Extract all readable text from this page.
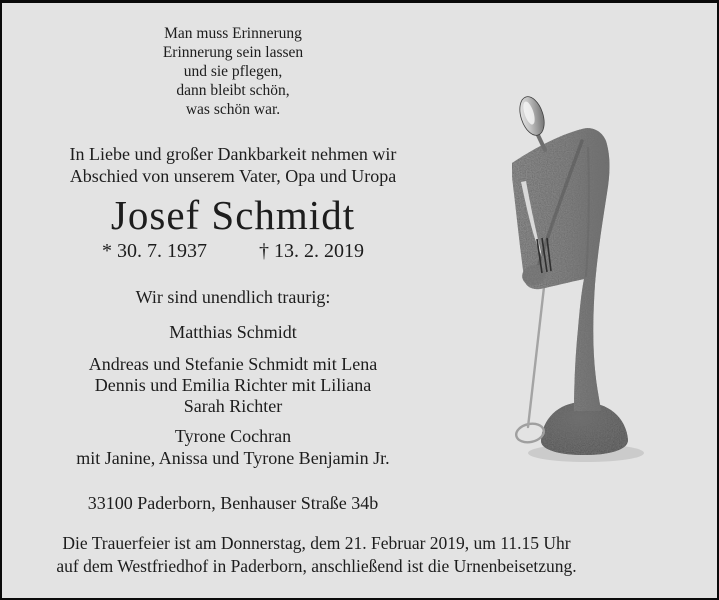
Man muss Erinnerung
Erinnerung sein lassen
und sie pflegen,
dann bleibt schön,
was schön war.
In Liebe und großer Dankbarkeit nehmen wir
Abschied von unserem Vater, Opa und Uropa
Josef Schmidt
* 30. 7. 1937	† 13. 2. 2019
Wir sind unendlich traurig:
Matthias Schmidt
Andreas und Stefanie Schmidt mit Lena
Dennis und Emilia Richter mit Liliana
Sarah Richter
Tyrone Cochran
mit Janine, Anissa und Tyrone Benjamin Jr.
33100 Paderborn, Benhauser Straße 34b
Die Trauerfeier ist am Donnerstag, dem 21. Februar 2019, um 11.15 Uhr
auf dem Westfriedhof in Paderborn, anschließend ist die Urnenbeisetzung.
